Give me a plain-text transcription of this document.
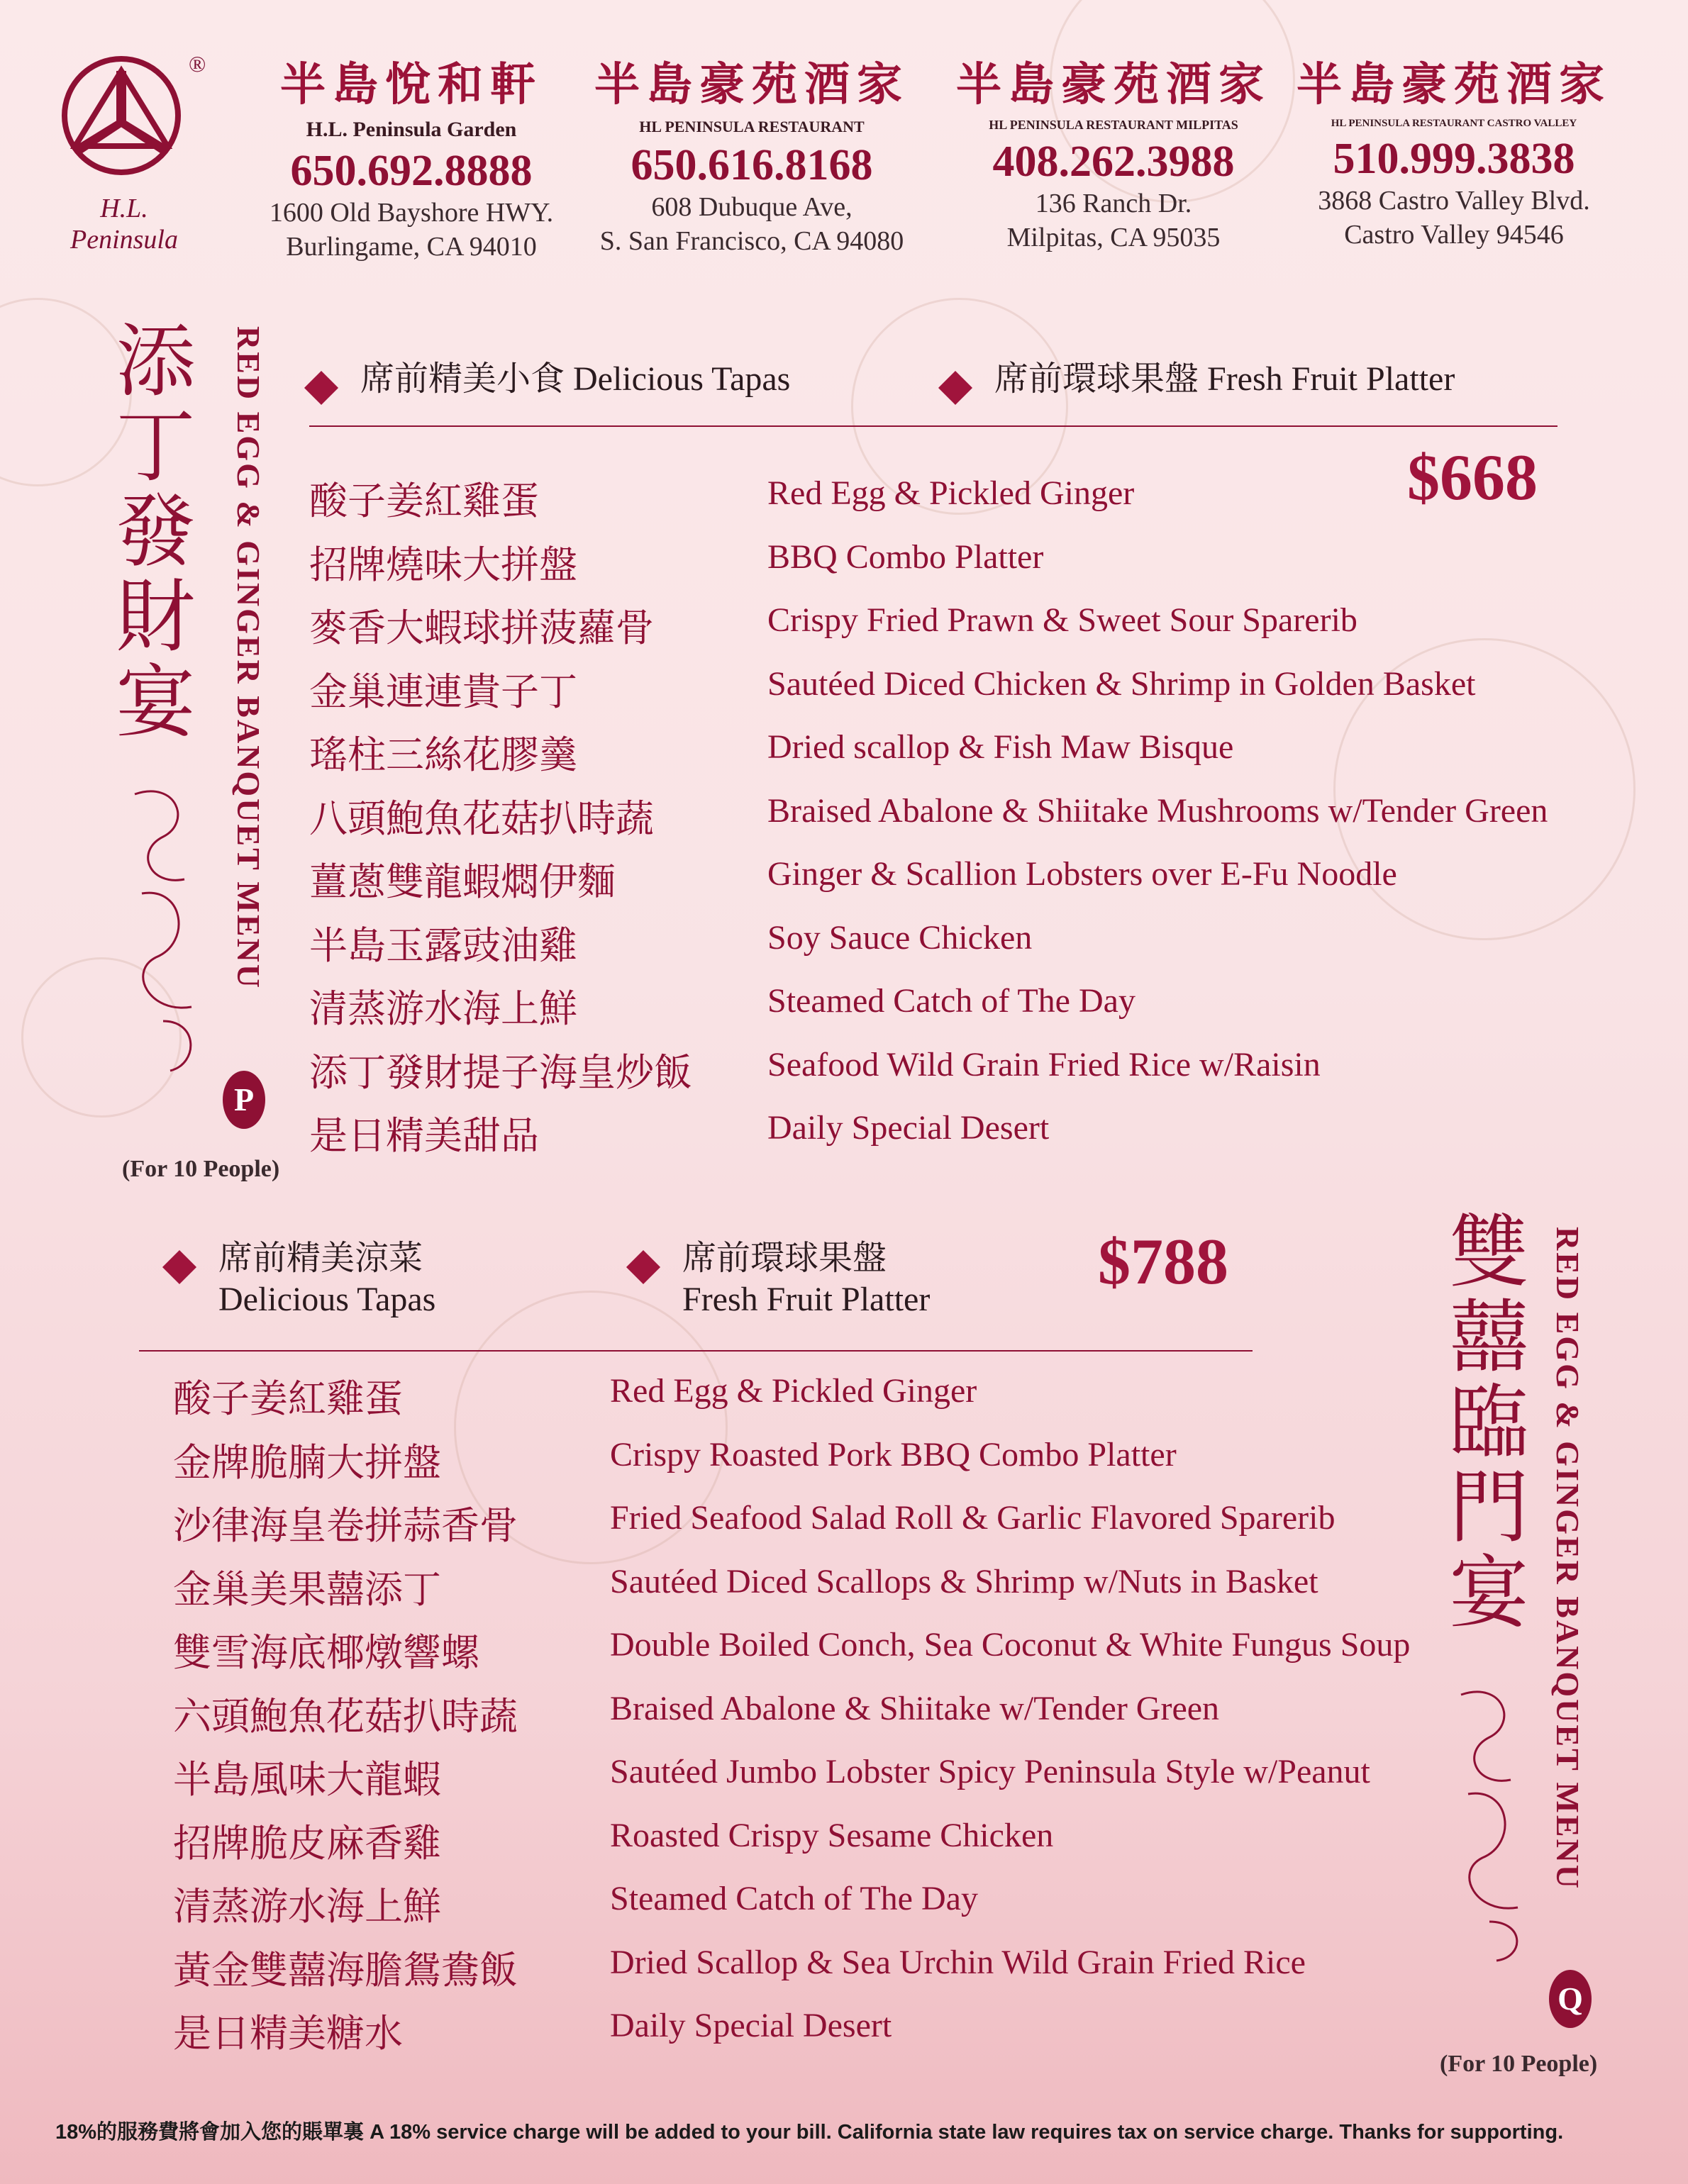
®
H.L.
Peninsula
半島悅和軒
H.L. Peninsula Garden
650.692.8888
1600 Old Bayshore HWY.
Burlingame, CA 94010
半島豪苑酒家
HL PENINSULA RESTAURANT
650.616.8168
608 Dubuque Ave,
S. San Francisco, CA 94080
半島豪苑酒家
HL PENINSULA RESTAURANT MILPITAS
408.262.3988
136 Ranch Dr.
Milpitas, CA 95035
半島豪苑酒家
HL PENINSULA RESTAURANT CASTRO VALLEY
510.999.3838
3868 Castro Valley Blvd.
Castro Valley 94546
添丁發財宴 RED EGG & GINGER BANQUET MENU
P
(For 10 People)
席前精美小食 Delicious Tapas	席前環球果盤 Fresh Fruit Platter
$668
酸子姜紅雞蛋	Red Egg & Pickled Ginger
招牌燒味大拼盤	BBQ Combo Platter
麥香大蝦球拼菠蘿骨	Crispy Fried Prawn & Sweet Sour Sparerib
金巢連連貴子丁	Sautéed Diced Chicken & Shrimp in Golden Basket
瑤柱三絲花膠羹	Dried scallop & Fish Maw Bisque
八頭鮑魚花菇扒時蔬	Braised Abalone & Shiitake Mushrooms w/Tender Green
薑蔥雙龍蝦燜伊麵	Ginger & Scallion Lobsters over E-Fu Noodle
半島玉露豉油雞	Soy Sauce Chicken
清蒸游水海上鮮	Steamed Catch of The Day
添丁發財提子海皇炒飯 Seafood Wild Grain Fried Rice w/Raisin
是日精美甜品	Daily Special Desert
席前精美涼菜
Delicious Tapas
席前環球果盤
Fresh Fruit Platter
$788
酸子姜紅雞蛋	Red Egg & Pickled Ginger
金牌脆腩大拼盤	Crispy Roasted Pork BBQ Combo Platter
沙律海皇卷拼蒜香骨	Fried Seafood Salad Roll & Garlic Flavored Sparerib
金巢美果囍添丁	Sautéed Diced Scallops & Shrimp w/Nuts in Basket
雙雪海底椰燉響螺	Double Boiled Conch, Sea Coconut & White Fungus Soup
六頭鮑魚花菇扒時蔬	Braised Abalone & Shiitake w/Tender Green
半島風味大龍蝦	Sautéed Jumbo Lobster Spicy Peninsula Style w/Peanut
招牌脆皮麻香雞	Roasted Crispy Sesame Chicken
清蒸游水海上鮮	Steamed Catch of The Day
黃金雙囍海膽鴛鴦飯	Dried Scallop & Sea Urchin Wild Grain Fried Rice
是日精美糖水	Daily Special Desert
雙囍臨門宴 RED EGG & GINGER BANQUET MENU
Q
(For 10 People)
18%的服務費將會加入您的賬單裏 A 18% service charge will be added to your bill. California state law requires tax on service charge. Thanks for supporting.
